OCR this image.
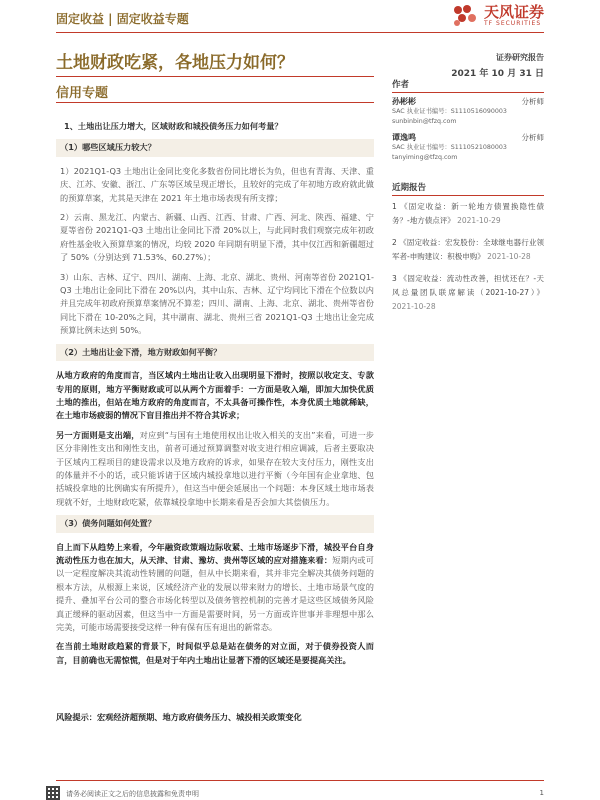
固定收益 | 固定收益专题	天风证券
TF SECURITIES
土地财政吃紧，各地压力如何？	证券研究报告
2021 年 10 月 31 日
信用专题

1、土地出让压力增大，区域财政和城投债务压力如何考量？

（1）哪些区域压力较大？

1）2021Q1-Q3 土地出让金同比变化多数省份同比增长为负，但也有青海、天津、重庆、江苏、安徽、浙江、广东等区域呈现正增长，且较好的完成了年初地方政府就此做的预算草案，尤其是天津在 2021 年土地市场表现有所支撑；

2）云南、黑龙江、内蒙古、新疆、山西、江西、甘肃、广西、河北、陕西、福建、宁夏等省份 2021Q1-Q3 土地出让金同比下滑 20%以上，与此同时我们观察完成年初政府性基金收入预算草案的情况，均较 2020 年同期有明显下滑，其中仅江西和新疆超过了 50%（分别达到 71.53%、60.27%）；

3）山东、吉林、辽宁、四川、湖南、上海、北京、湖北、贵州、河南等省份 2021Q1-Q3 土地出让金同比下滑在 20%以内，其中山东、吉林、辽宁均同比下滑在个位数以内并且完成年初政府预算草案情况不算差；四川、湖南、上海、北京、湖北、贵州等省份同比下滑在 10-20%之间，其中湖南、湖北、贵州三省 2021Q1-Q3 土地出让金完成预算比例未达到 50%。

（2）土地出让金下滑，地方财政如何平衡？

从地方政府的角度而言，当区域内土地出让收入出现明显下滑时，按照以收定支、专款专用的原则，地方平衡财政或可以从两个方面着手：一方面是收入端，即加大加快优质土地的推出，但站在地方政府的角度而言，不太具备可操作性，本身优质土地就稀缺，在土地市场疲弱的情况下盲目推出并不符合其诉求；

另一方面则是支出端，对应到“与国有土地使用权出让收入相关的支出”来看，可进一步区分非刚性支出和刚性支出，前者可通过预算调整对收支进行相应调减，后者主要取决于区域内工程项目的建设需求以及地方政府的诉求，如果存在较大支付压力，刚性支出的体量并不小的话，或只能诉诸于区域内城投拿地以进行平衡（今年国有企业拿地、包括城投拿地的比例确实有所提升），但这当中便会延展出一个问题：本身区域土地市场表现就不好，土地财政吃紧，依靠城投拿地中长期来看是否会加大其偿债压力。

（3）债务问题如何处置？

自上而下从趋势上来看，今年融资政策端边际收紧、土地市场逐步下滑，城投平台自身流动性压力也在加大，从天津、甘肃、豫坊、贵州等区域的应对措施来看：短期内或可以一定程度解决其流动性转圜的问题，但从中长期来看，其并非完全解决其债务问题的根本方法，从根源上来说，区域经济产业的发展以带来财力的增长、土地市场景气度的提升、叠加平台公司的整合市场化转型以及债务管控机制的完善才是这些区域债务风险真正缓释的驱动因素，但这当中一方面是需要时间，另一方面或许世事并非理想中那么完美，可能市场需要接受这样一种有保有压有退出的新常态。

在当前土地财政趋紧的背景下，时间似乎总是站在债务的对立面，对于债券投资人而言，目前确也无需惊慌，但是对于年内土地出让显著下滑的区域还是要提高关注。

风险提示：宏观经济超预期、地方政府债务压力、城投相关政策变化
作者
孙彬彬	分析师
SAC 执业证书编号：S1110516090003
sunbinbin@tfzq.com
谭逸鸣	分析师
SAC 执业证书编号：S1110521080003
tanyiming@tfzq.com
近期报告
1 《固定收益：新一轮地方债置换隐性债务？-地方债点评》 2021-10-29
2 《固定收益：宏发股份：全球继电器行业领军者-申购建议：积极申购》 2021-10-28
3 《固定收益：流动性改善，担忧还在？-天风总量团队联席解读（2021-10-27）》 2021-10-28
请务必阅读正文之后的信息披露和免责申明	1
